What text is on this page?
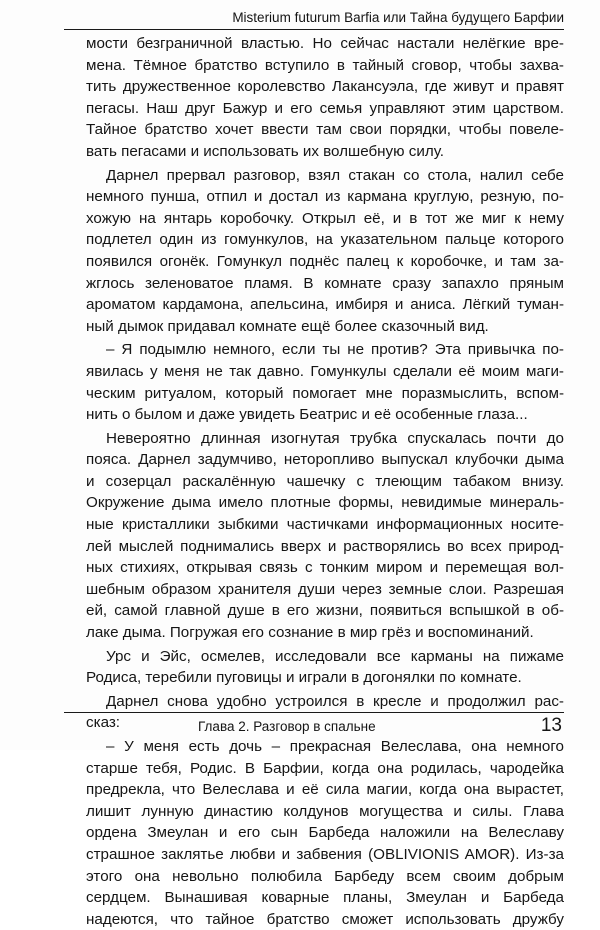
Misterium futurum Barfia или Тайна будущего Барфии

мости безграничной властью. Но сейчас настали нелёгкие вре-
мена. Тёмное братство вступило в тайный сговор, чтобы захва-
тить дружественное королевство Лакансуэла, где живут и правят
пегасы. Наш друг Бажур и его семья управляют этим царством.
Тайное братство хочет ввести там свои порядки, чтобы повеле-
вать пегасами и использовать их волшебную силу.

Дарнел прервал разговор, взял стакан со стола, налил себе
немного пунша, отпил и достал из кармана круглую, резную, по-
хожую на янтарь коробочку. Открыл её, и в тот же миг к нему
подлетел один из гомункулов, на указательном пальце которого
появился огонёк. Гомункул поднёс палец к коробочке, и там за-
жглось зеленоватое пламя. В комнате сразу запахло пряным
ароматом кардамона, апельсина, имбиря и аниса. Лёгкий туман-
ный дымок придавал комнате ещё более сказочный вид.

– Я подымлю немного, если ты не против? Эта привычка по-
явилась у меня не так давно. Гомункулы сделали её моим маги-
ческим ритуалом, который помогает мне поразмыслить, вспом-
нить о былом и даже увидеть Беатрис и её особенные глаза...

Невероятно длинная изогнутая трубка спускалась почти до
пояса. Дарнел задумчиво, неторопливо выпускал клубочки дыма
и созерцал раскалённую чашечку с тлеющим табаком внизу.
Окружение дыма имело плотные формы, невидимые минераль-
ные кристаллики зыбкими частичками информационных носите-
лей мыслей поднимались вверх и растворялись во всех природ-
ных стихиях, открывая связь с тонким миром и перемещая вол-
шебным образом хранителя души через земные слои. Разрешая
ей, самой главной душе в его жизни, появиться вспышкой в об-
лаке дыма. Погружая его сознание в мир грёз и воспоминаний.

Урс и Эйс, осмелев, исследовали все карманы на пижаме
Родиса, теребили пуговицы и играли в догонялки по комнате.

Дарнел снова удобно устроился в кресле и продолжил рас-
сказ:

– У меня есть дочь – прекрасная Велеслава, она немного
старше тебя, Родис. В Барфии, когда она родилась, чародейка
предрекла, что Велеслава и её сила магии, когда она вырастет,
лишит лунную династию колдунов могущества и силы. Глава
ордена Змеулан и его сын Барбеда наложили на Велеславу
страшное заклятье любви и забвения (OBLIVIONIS AMOR). Из-за
этого она невольно полюбила Барбеду всем своим добрым
сердцем. Вынашивая коварные планы, Змеулан и Барбеда
надеются, что тайное братство сможет использовать дружбу

Глава 2. Разговор в спальне	13
